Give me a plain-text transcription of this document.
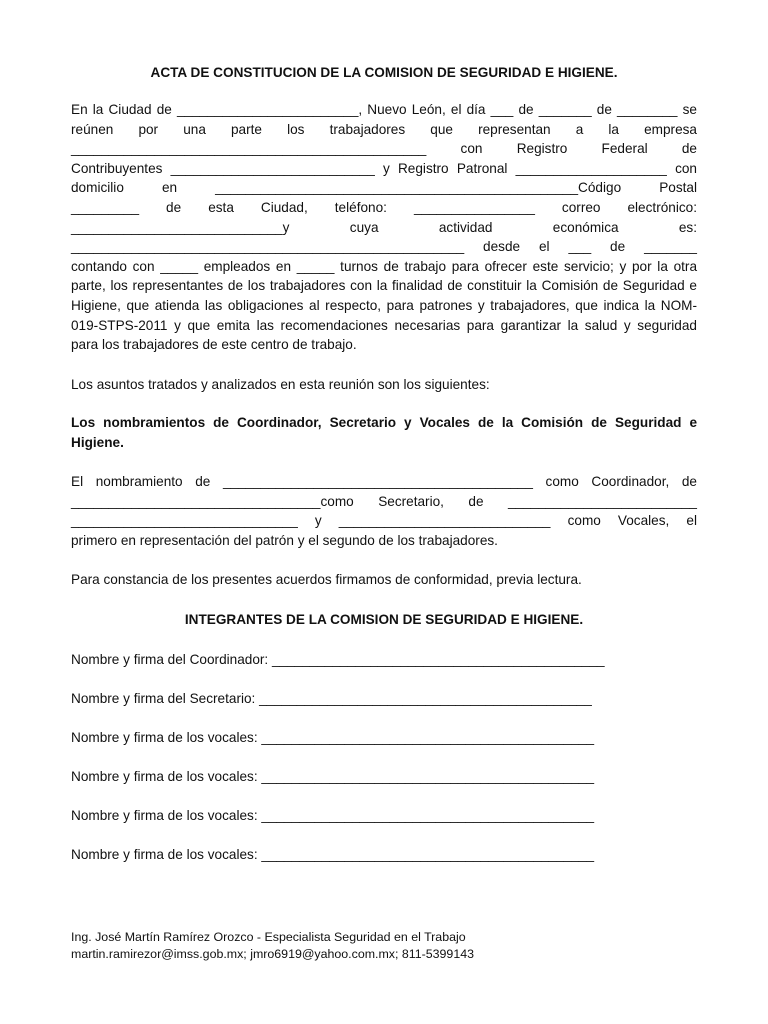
ACTA DE CONSTITUCION DE LA COMISION DE SEGURIDAD E HIGIENE.
En la Ciudad de ________________________, Nuevo León, el día ___ de _______ de ________ se
reúnen por una parte los trabajadores que representan a la empresa
_______________________________________________ con Registro Federal de
Contribuyentes ___________________________ y Registro Patronal ____________________ con
domicilio en ________________________________________________Código Postal
_________ de esta Ciudad, teléfono: ________________ correo electrónico:
____________________________y cuya actividad económica es:
____________________________________________________ desde el ___ de _______
contando con _____ empleados en _____ turnos de trabajo para ofrecer este servicio; y por la otra
parte, los representantes de los trabajadores con la finalidad de constituir la Comisión de Seguridad e
Higiene, que atienda las obligaciones al respecto, para patrones y trabajadores, que indica la NOM-
019-STPS-2011 y que emita las recomendaciones necesarias para garantizar la salud y seguridad
para los trabajadores de este centro de trabajo.
Los asuntos tratados y analizados en esta reunión son los siguientes:
Los nombramientos de Coordinador, Secretario y Vocales de la Comisión de Seguridad e
Higiene.
El nombramiento de _________________________________________ como Coordinador, de
_________________________________como Secretario, de _________________________
______________________________ y ____________________________ como Vocales, el
primero en representación del patrón y el segundo de los trabajadores.
Para constancia de los presentes acuerdos firmamos de conformidad, previa lectura.
INTEGRANTES DE LA COMISION DE SEGURIDAD E HIGIENE.
Nombre y firma del Coordinador: ____________________________________________
Nombre y firma del Secretario: ____________________________________________
Nombre y firma de los vocales: ____________________________________________
Nombre y firma de los vocales: ____________________________________________
Nombre y firma de los vocales: ____________________________________________
Nombre y firma de los vocales: ____________________________________________
Ing. José Martín Ramírez Orozco - Especialista Seguridad en el Trabajo
martin.ramirezor@imss.gob.mx; jmro6919@yahoo.com.mx; 811-5399143
